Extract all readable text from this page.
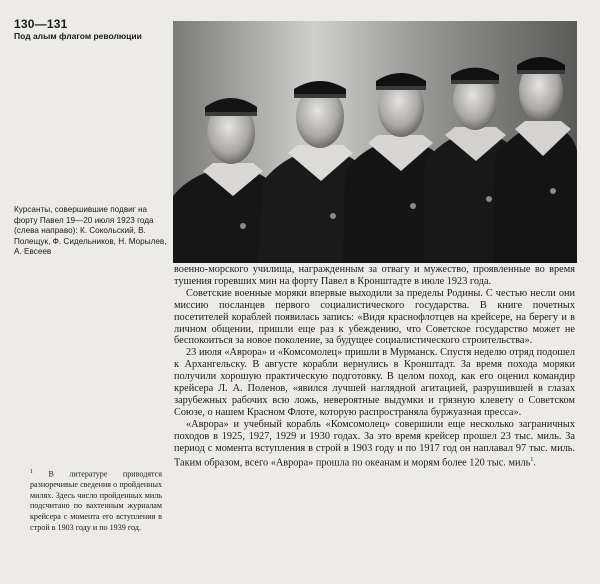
130—131
Под алым флагом революции
Курсанты, совершившие подвиг на форту Павел 19—20 июля 1923 года (слева направо): К. Сокольский, В. Полещук, Ф. Сидельников, Н. Морылев, А. Евсеев

военно-морского училища, награжденным за отвагу и мужество, проявленные во время тушения горевших мин на форту Павел в Кронштадте в июле 1923 года.

Советские военные моряки впервые выходили за пределы Родины. С честью несли они миссию посланцев первого социалистического государства. В книге почетных посетителей кораблей появилась запись: «Видя краснофлотцев на крейсере, на берегу и в личном общении, пришли еще раз к убеждению, что Советское государство может не беспокоиться за новое поколение, за будущее социалистического строительства».

23 июля «Аврора» и «Комсомолец» пришли в Мурманск. Спустя неделю отряд подошел к Архангельску. В августе корабли вернулись в Кронштадт. За время похода моряки получили хорошую практическую подготовку. В целом поход, как его оценил командир крейсера Л. А. Поленов, «явился лучшей наглядной агитацией, разрушившей в глазах зарубежных рабочих всю ложь, невероятные выдумки и грязную клевету о Советском Союзе, о нашем Красном Флоте, которую распространяла буржуазная пресса».

«Аврора» и учебный корабль «Комсомолец» совершили еще несколько заграничных походов в 1925, 1927, 1929 и 1930 годах. За это время крейсер прошел 23 тыс. миль. За период с момента вступления в строй в 1903 году и по 1917 год он наплавал 97 тыс. миль. Таким образом, всего «Аврора» прошла по океанам и морям более 120 тыс. миль$^1$.

$^1$ В литературе приводятся разноречивые сведения о пройденных милях. Здесь число пройденных миль подсчитано по вахтенным журналам крейсера с момента его вступления в строй в 1903 году и по 1939 год.
